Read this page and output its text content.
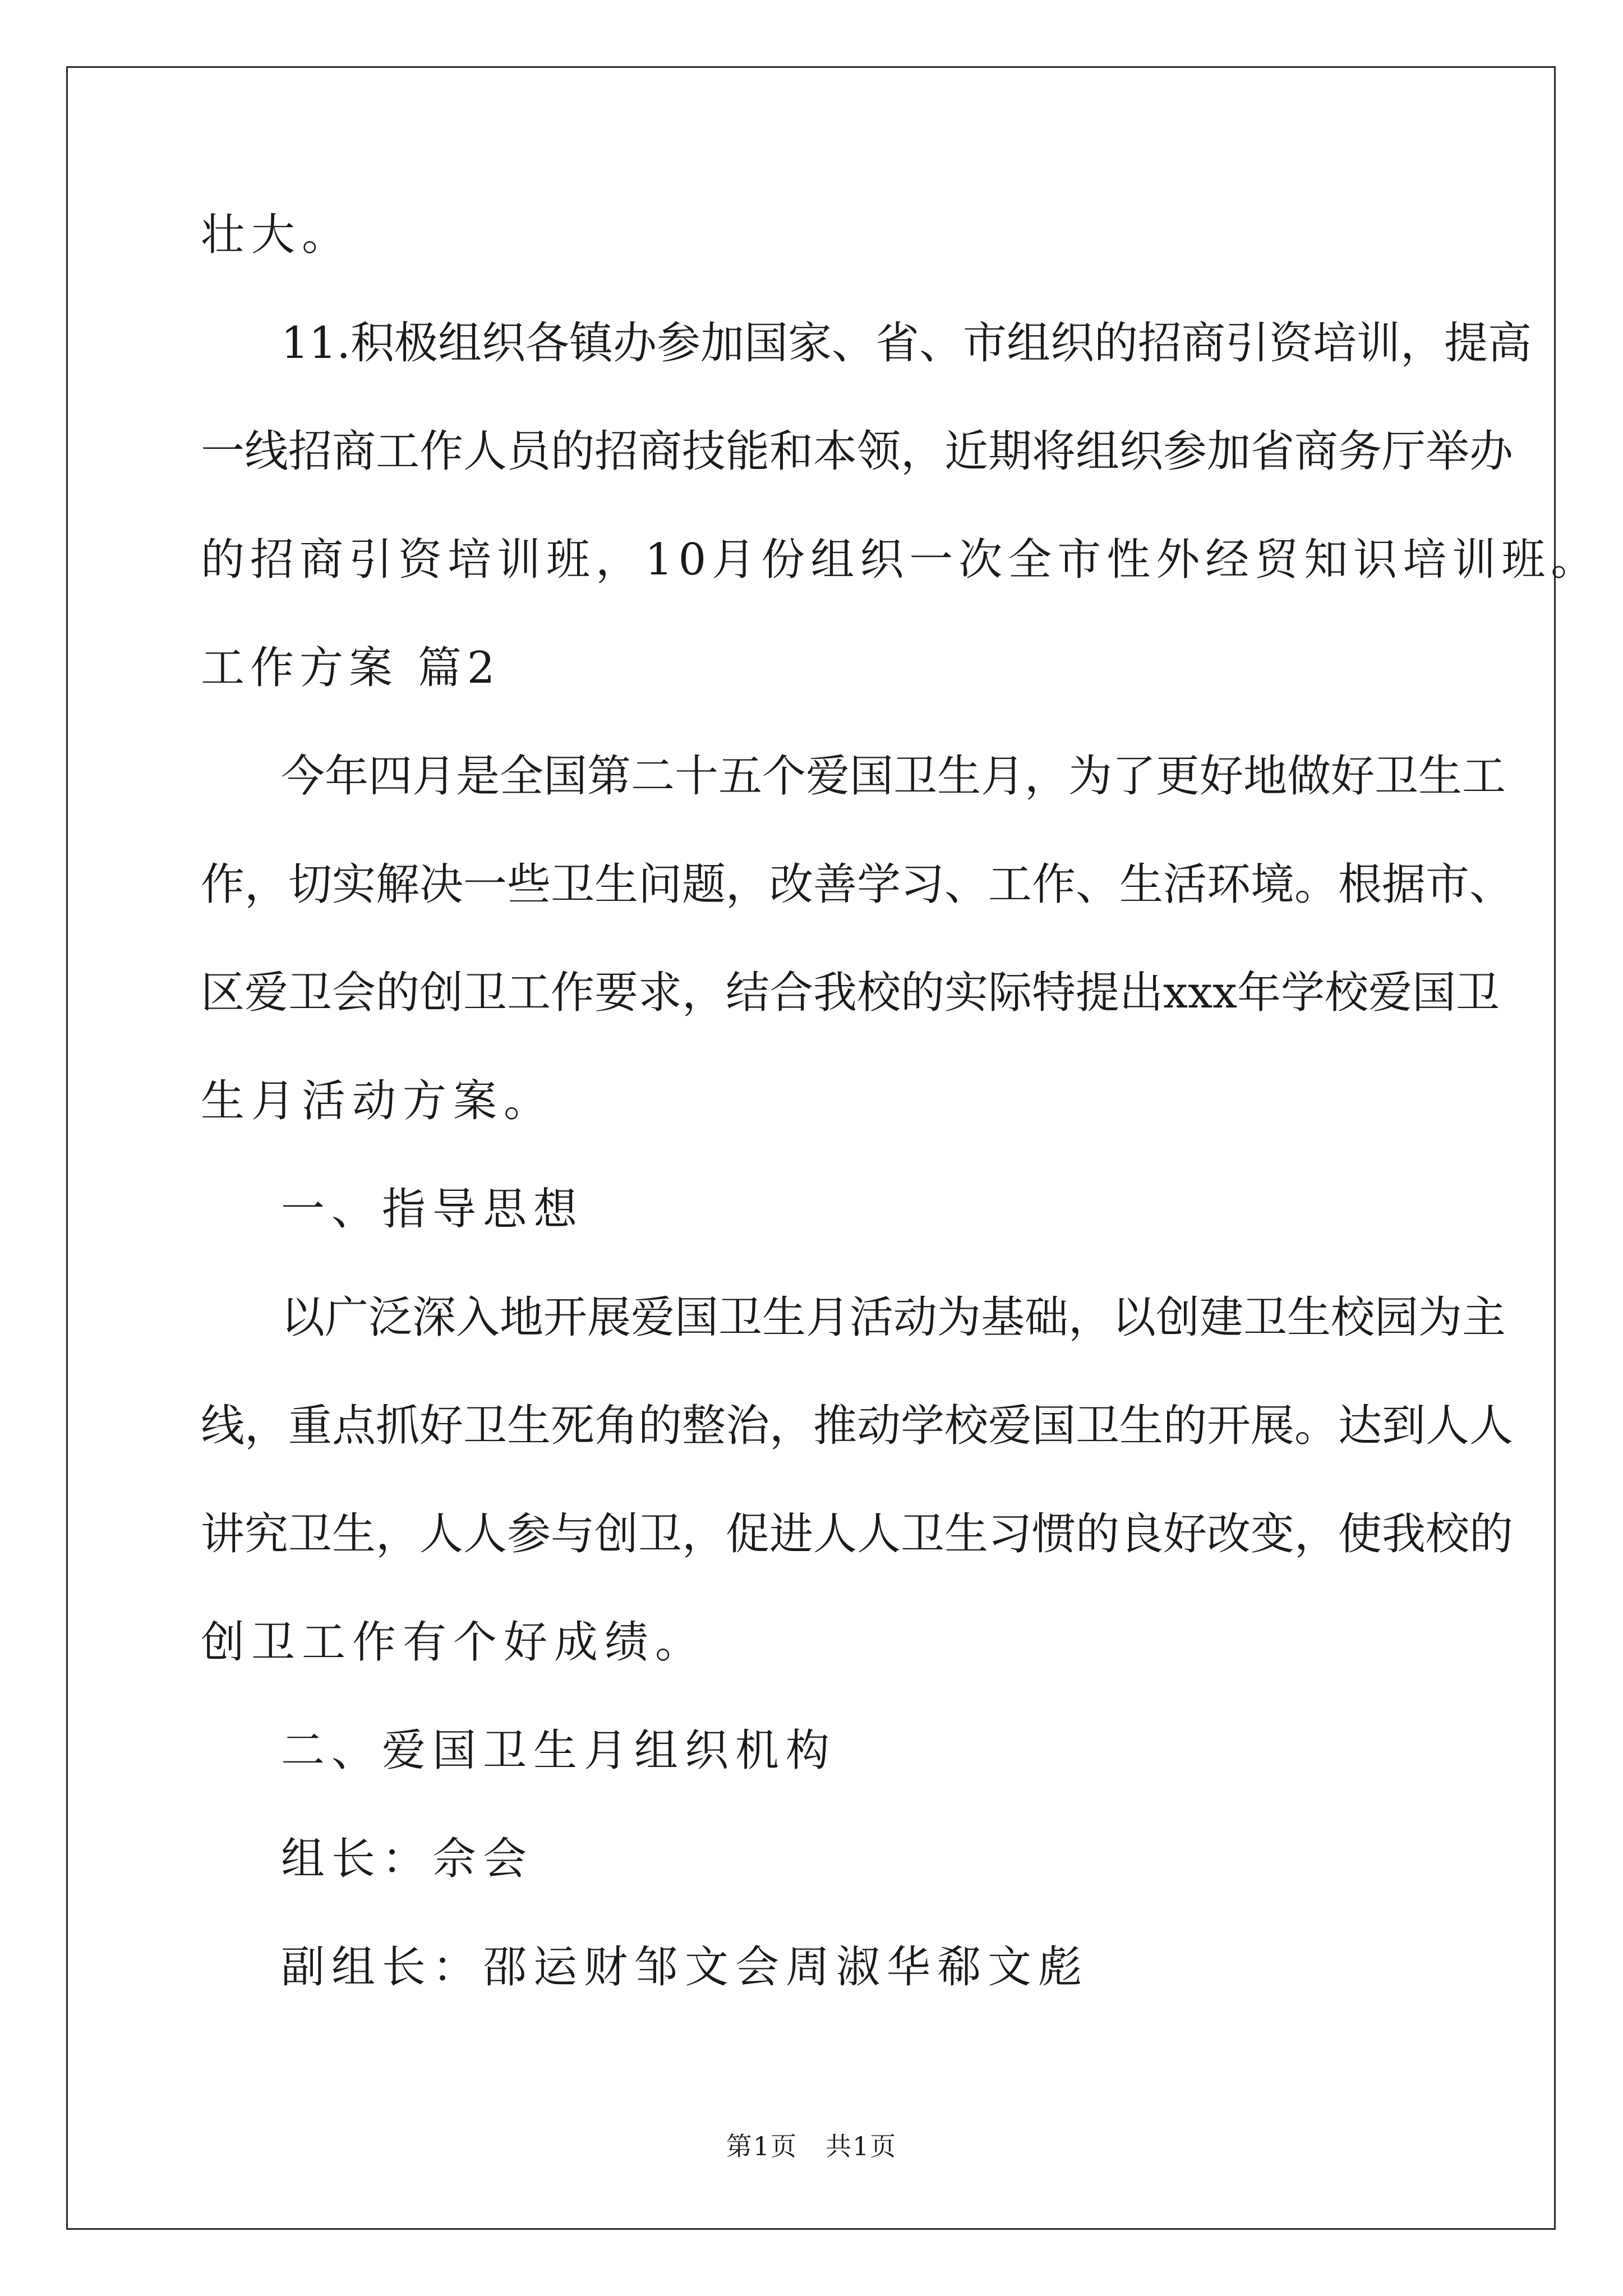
壮大。
11.积极组织各镇办参加国家、省、市组织的招商引资培训，提高
一线招商工作人员的招商技能和本领，近期将组织参加省商务厅举办
的招商引资培训班，10月份组织一次全市性外经贸知识培训班。
工作方案 篇2
今年四月是全国第二十五个爱国卫生月，为了更好地做好卫生工
作，切实解决一些卫生问题，改善学习、工作、生活环境。根据市、
区爱卫会的创卫工作要求，结合我校的实际特提出xxx年学校爱国卫
生月活动方案。
一、指导思想
以广泛深入地开展爱国卫生月活动为基础，以创建卫生校园为主
线，重点抓好卫生死角的整治，推动学校爱国卫生的开展。达到人人
讲究卫生，人人参与创卫，促进人人卫生习惯的良好改变，使我校的
创卫工作有个好成绩。
二、爱国卫生月组织机构
组长：佘会
副组长：邵运财邹文会周淑华郗文彪
第1页 共1页
